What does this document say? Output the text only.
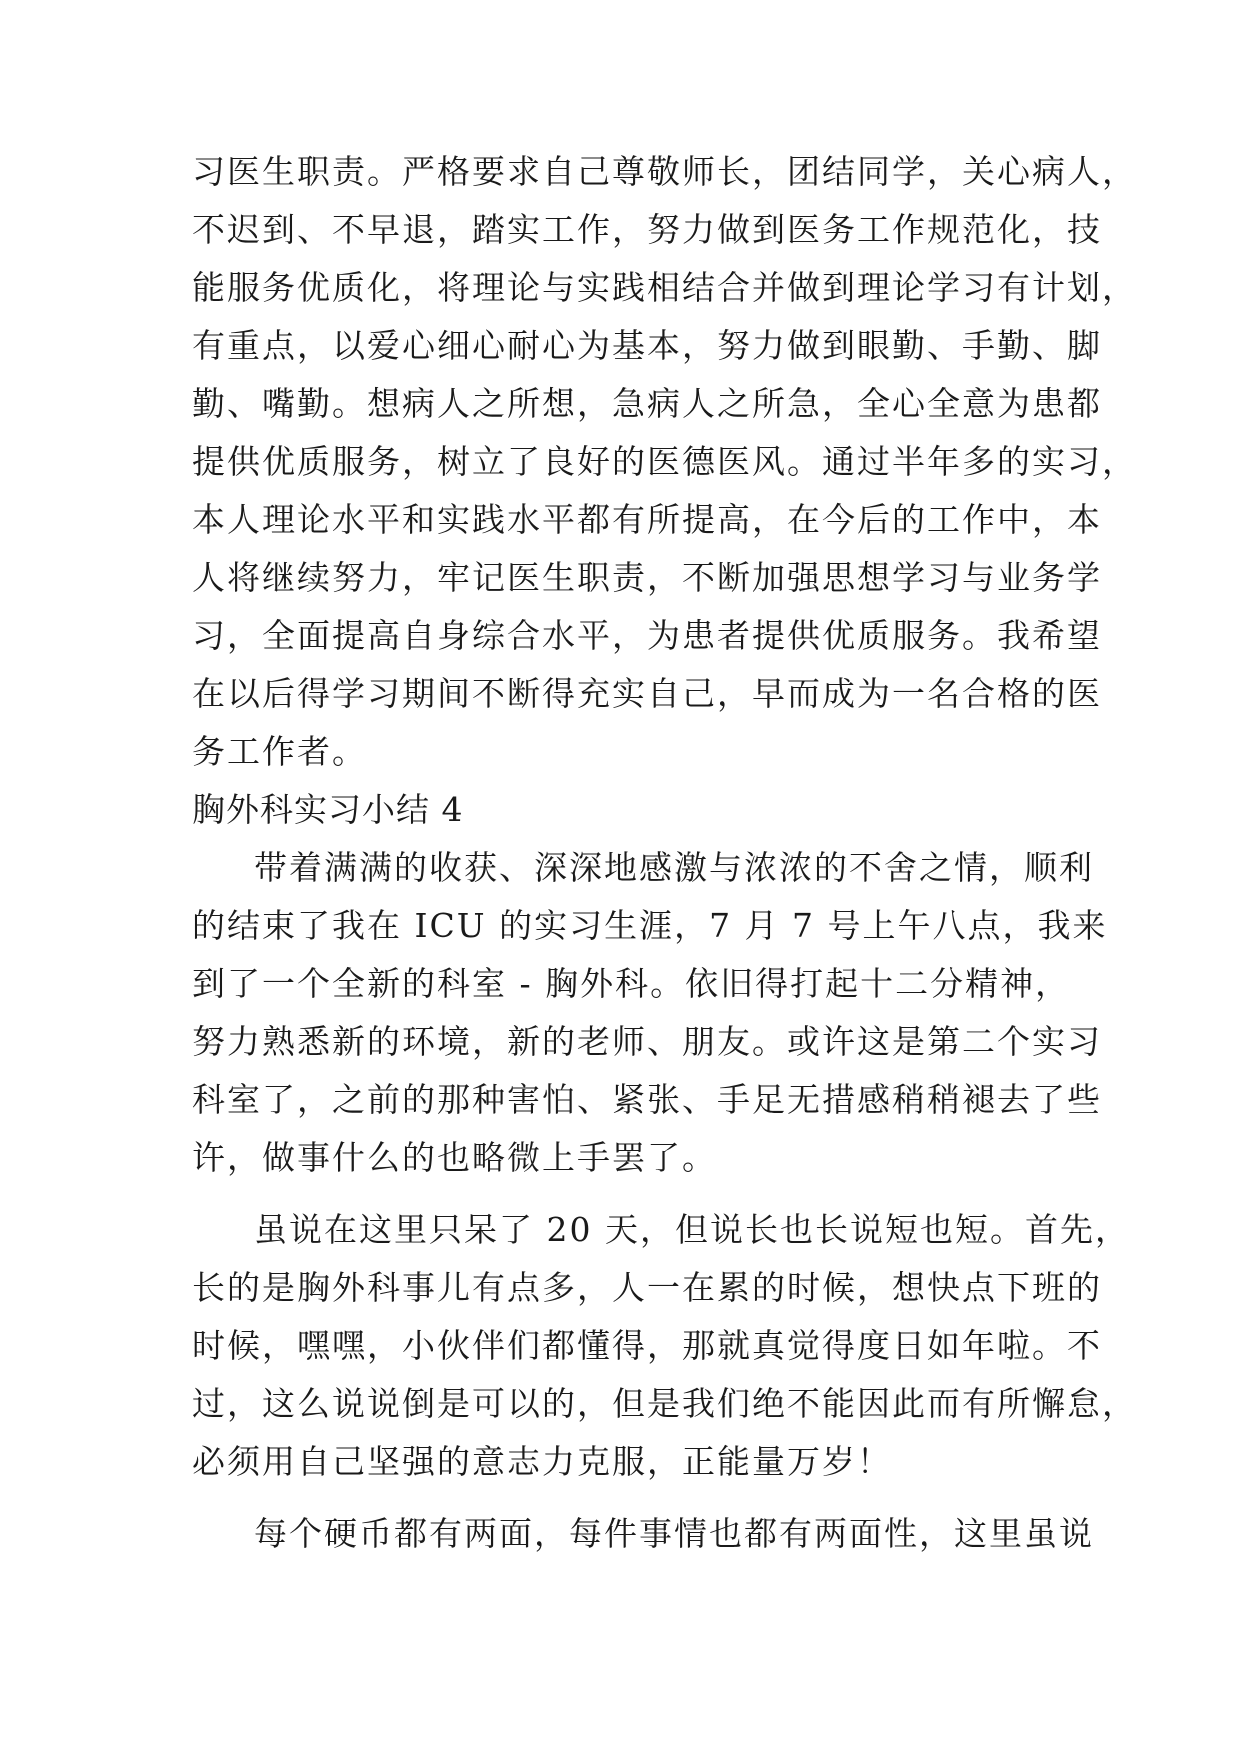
习医生职责。严格要求自己尊敬师长，团结同学，关心病人，
不迟到、不早退，踏实工作，努力做到医务工作规范化，技
能服务优质化，将理论与实践相结合并做到理论学习有计划，
有重点，以爱心细心耐心为基本，努力做到眼勤、手勤、脚
勤、嘴勤。想病人之所想，急病人之所急，全心全意为患都
提供优质服务，树立了良好的医德医风。通过半年多的实习，
本人理论水平和实践水平都有所提高，在今后的工作中，本
人将继续努力，牢记医生职责，不断加强思想学习与业务学
习，全面提高自身综合水平，为患者提供优质服务。我希望
在以后得学习期间不断得充实自己，早而成为一名合格的医
务工作者。
胸外科实习小结 4
带着满满的收获、深深地感激与浓浓的不舍之情，顺利
的结束了我在 ICU 的实习生涯，7 月 7 号上午八点，我来
到了一个全新的科室 - 胸外科。依旧得打起十二分精神，
努力熟悉新的环境，新的老师、朋友。或许这是第二个实习
科室了，之前的那种害怕、紧张、手足无措感稍稍褪去了些
许，做事什么的也略微上手罢了。
虽说在这里只呆了 20 天，但说长也长说短也短。首先，
长的是胸外科事儿有点多，人一在累的时候，想快点下班的
时候，嘿嘿，小伙伴们都懂得，那就真觉得度日如年啦。不
过，这么说说倒是可以的，但是我们绝不能因此而有所懈怠，
必须用自己坚强的意志力克服，正能量万岁！
每个硬币都有两面，每件事情也都有两面性，这里虽说
